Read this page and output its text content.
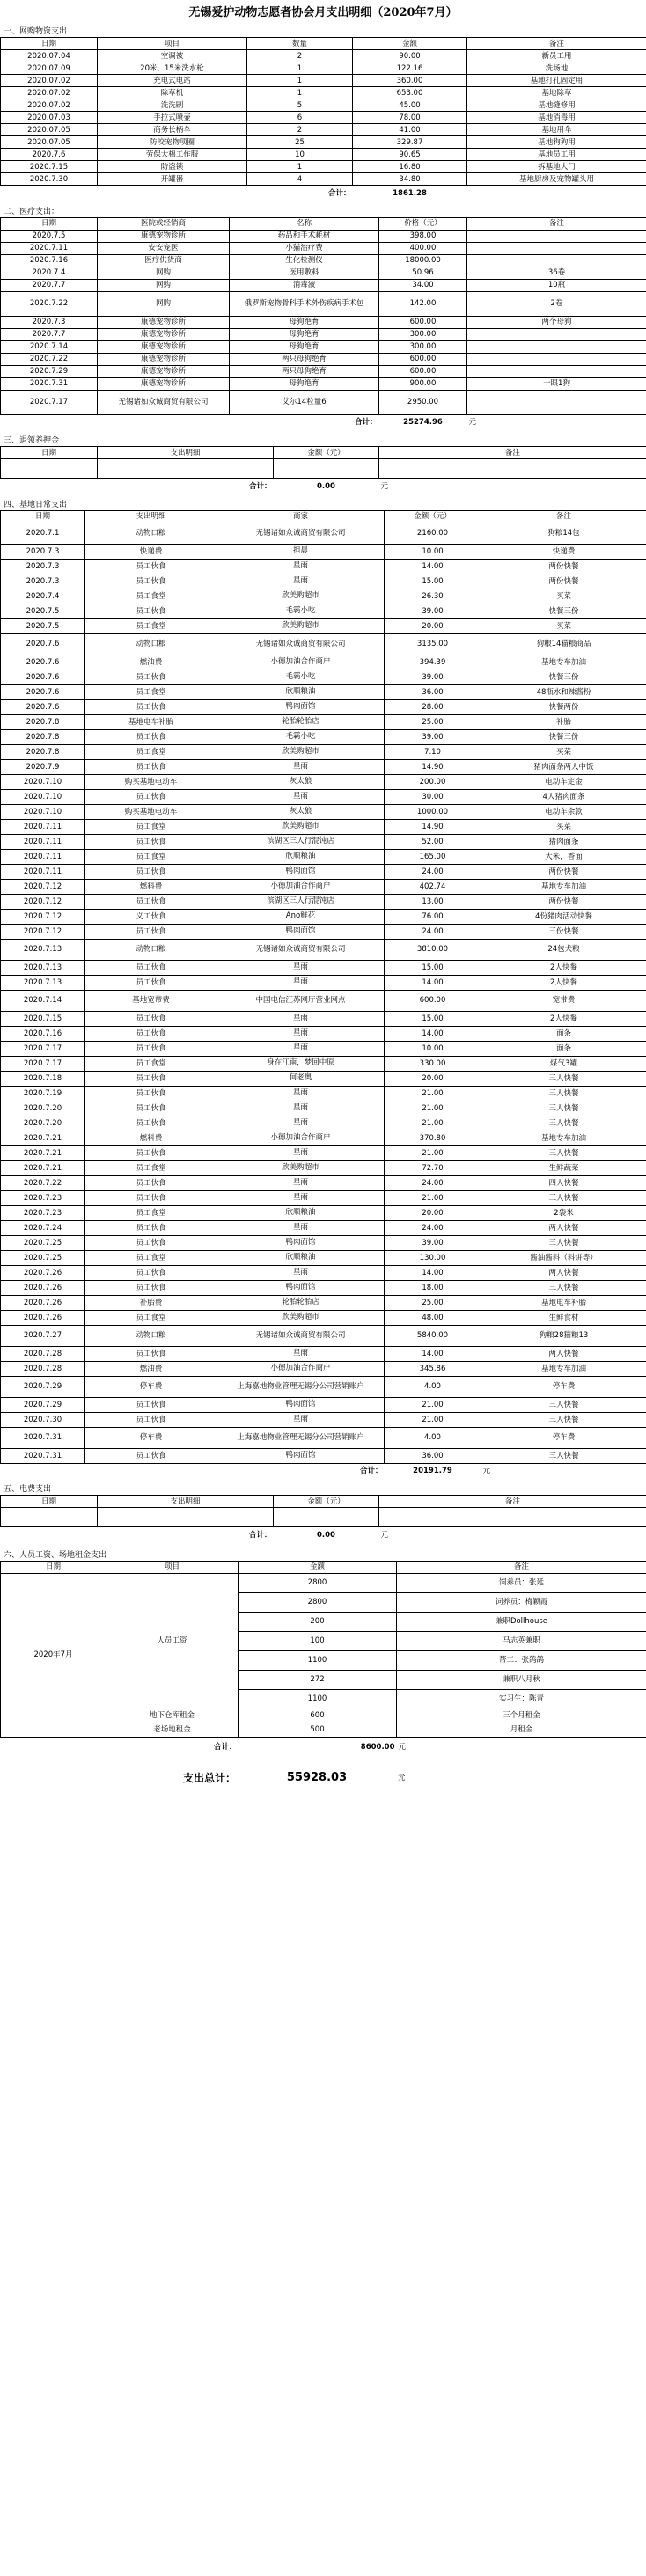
无锡爱护动物志愿者协会月支出明细（2020年7月）
一、网购物资支出
日期	项目	数量	金额	备注
2020.07.04	空调被	2	90.00	新员工用
2020.07.09	20米，15米洗水枪	1	122.16	洗场地
2020.07.02	充电式电站	1	360.00	基地打孔固定用
2020.07.02	除草机	1	653.00	基地除草
2020.07.02	洗洗刷	5	45.00	基地缝修用
2020.07.03	手拉式喷壶	6	78.00	基地消毒用
2020.07.05	商务长柄伞	2	41.00	基地用伞
2020.07.05	防咬宠物项圈	25	329.87	基地狗狗用
2020.7.6	劳保大棉工作服	10	90.65	基地员工用
2020.7.15	防盗锁	1	16.80	拆基地大门
2020.7.30	开罐器	4	34.80	基地厨房及宠物罐头用
合计：			1861.28	
二、医疗支出：
日期	医院或经销商	名称	价格（元）	备注
2020.7.5	康德宠物诊所	药品和手术耗材	398.00	
2020.7.11	安安宠医	小猫治疗费	400.00	
2020.7.16	医疗供货商	生化检测仪	18000.00	
2020.7.4	网购	医用敷料	50.96	36卷
2020.7.7	网购	消毒液	34.00	10瓶
2020.7.22	网购	俄罗斯宠物骨科手术外伤疾病手术包	142.00	2卷
2020.7.3	康德宠物诊所	母狗绝育	600.00	两个母狗
2020.7.7	康德宠物诊所	母狗绝育	300.00	
2020.7.14	康德宠物诊所	母狗绝育	300.00	
2020.7.22	康德宠物诊所	两只母狗绝育	600.00	
2020.7.29	康德宠物诊所	两只母狗绝育	600.00	
2020.7.31	康德宠物诊所	母狗绝育	900.00	一眼1狗
2020.7.17	无锡诸如众诚商贸有限公司	艾尔14粒量6	2950.00	
合计：			25274.96	元
三、退领养押金
日期	支出明细	金额（元）	备注

合计：		0.00	元
四、基地日常支出
日期	支出明细	商家	金额（元）	备注
2020.7.1	动物口粮	无锡诸如众诚商贸有限公司	2160.00	狗粮14包
2020.7.3	快递费	担晨	10.00	快递费
2020.7.3	员工伙食	星雨	14.00	两份快餐
2020.7.3	员工伙食	星雨	15.00	两份快餐
2020.7.4	员工食堂	欣美购超市	26.30	买菜
2020.7.5	员工伙食	毛霸小吃	39.00	快餐三份
2020.7.5	员工食堂	欣美购超市	20.00	买菜
2020.7.6	动物口粮	无锡诸如众诚商贸有限公司	3135.00	狗粮14猫粮商品
2020.7.6	燃油费	小德加油合作商户	394.39	基地专车加油
2020.7.6	员工伙食	毛霸小吃	39.00	快餐三份
2020.7.6	员工食堂	欣顺粮油	36.00	48瓶水和辣酱粉
2020.7.6	员工伙食	鸭肉面馆	28.00	快餐两份
2020.7.8	基地电车补胎	轮胎轮胎店	25.00	补胎
2020.7.8	员工伙食	毛霸小吃	39.00	快餐三份
2020.7.8	员工食堂	欣美购超市	7.10	买菜
2020.7.9	员工伙食	星雨	14.90	猪肉面条两人中饭
2020.7.10	购买基地电动车	灰太狼	200.00	电动车定金
2020.7.10	员工伙食	星雨	30.00	4人猪肉面条
2020.7.10	购买基地电动车	灰太狼	1000.00	电动车余款
2020.7.11	员工食堂	欣美购超市	14.90	买菜
2020.7.11	员工伙食	滨湖区三人行混饨店	52.00	猪肉面条
2020.7.11	员工食堂	欣顺粮油	165.00	大米，香面
2020.7.11	员工伙食	鸭肉面馆	24.00	两份快餐
2020.7.12	燃料费	小德加油合作商户	402.74	基地专车加油
2020.7.12	员工伙食	滨湖区三人行混饨店	13.00	两份快餐
2020.7.12	义工伙食	Ano鲜花	76.00	4份猪肉活动快餐
2020.7.12	员工伙食	鸭肉面馆	24.00	三份快餐
2020.7.13	动物口粮	无锡诸如众诚商贸有限公司	3810.00	24包犬粮
2020.7.13	员工伙食	星雨	15.00	2人快餐
2020.7.13	员工伙食	星雨	14.00	2人快餐
2020.7.14	基地宽带费	中国电信江苏网厅营业网点	600.00	宽带费
2020.7.15	员工伙食	星雨	15.00	2人快餐
2020.7.16	员工伙食	星雨	14.00	面条
2020.7.17	员工伙食	星雨	10.00	面条
2020.7.17	员工食堂	身在江南，梦回中原	330.00	煤气3罐
2020.7.18	员工伙食	何老奥	20.00	三人快餐
2020.7.19	员工伙食	星雨	21.00	三人快餐
2020.7.20	员工伙食	星雨	21.00	三人快餐
2020.7.20	员工伙食	星雨	21.00	三人快餐
2020.7.21	燃料费	小德加油合作商户	370.80	基地专车加油
2020.7.21	员工伙食	星雨	21.00	三人快餐
2020.7.21	员工食堂	欣美购超市	72.70	生鲜蔬菜
2020.7.22	员工伙食	星雨	24.00	四人快餐
2020.7.23	员工伙食	星雨	21.00	三人快餐
2020.7.23	员工食堂	欣顺粮油	20.00	2袋米
2020.7.24	员工伙食	星雨	24.00	两人快餐
2020.7.25	员工伙食	鸭肉面馆	39.00	三人快餐
2020.7.25	员工食堂	欣顺粮油	130.00	酱油酱料（料饼等）
2020.7.26	员工伙食	星雨	14.00	两人快餐
2020.7.26	员工伙食	鸭肉面馆	18.00	三人快餐
2020.7.26	补胎费	轮胎轮胎店	25.00	基地电车补胎
2020.7.26	员工食堂	欣美购超市	48.00	生鲜食材
2020.7.27	动物口粮	无锡诸如众诚商贸有限公司	5840.00	狗粮28猫粮13
2020.7.28	员工伙食	星雨	14.00	两人快餐
2020.7.28	燃油费	小德加油合作商户	345.86	基地专车加油
2020.7.29	停车费	上海嘉地物业管理无锡分公司营销账户	4.00	停车费
2020.7.29	员工伙食	鸭肉面馆	21.00	三人快餐
2020.7.30	员工伙食	星雨	21.00	三人快餐
2020.7.31	停车费	上海嘉地物业管理无锡分公司营销账户	4.00	停车费
2020.7.31	员工伙食	鸭肉面馆	36.00	三人快餐
合计：			20191.79	元
五、电费支出
日期	支出明细	金额（元）	备注

合计：		0.00	元
六、人员工资、场地租金支出
日期	项目	金额	备注
2020年7月	人员工资	2800	饲养员：张廷
		2800	饲养员：梅颖霞
		200	兼职Dollhouse
		100	马志英兼职
		1100	帮工：张鸽鸽
		272	兼职八月秋
		1100	实习生：陈青
	地下仓库租金	600	三个月租金
	老场地租金	500	月租金
合计：		8600.00	元
支出总计：	55928.03	元
